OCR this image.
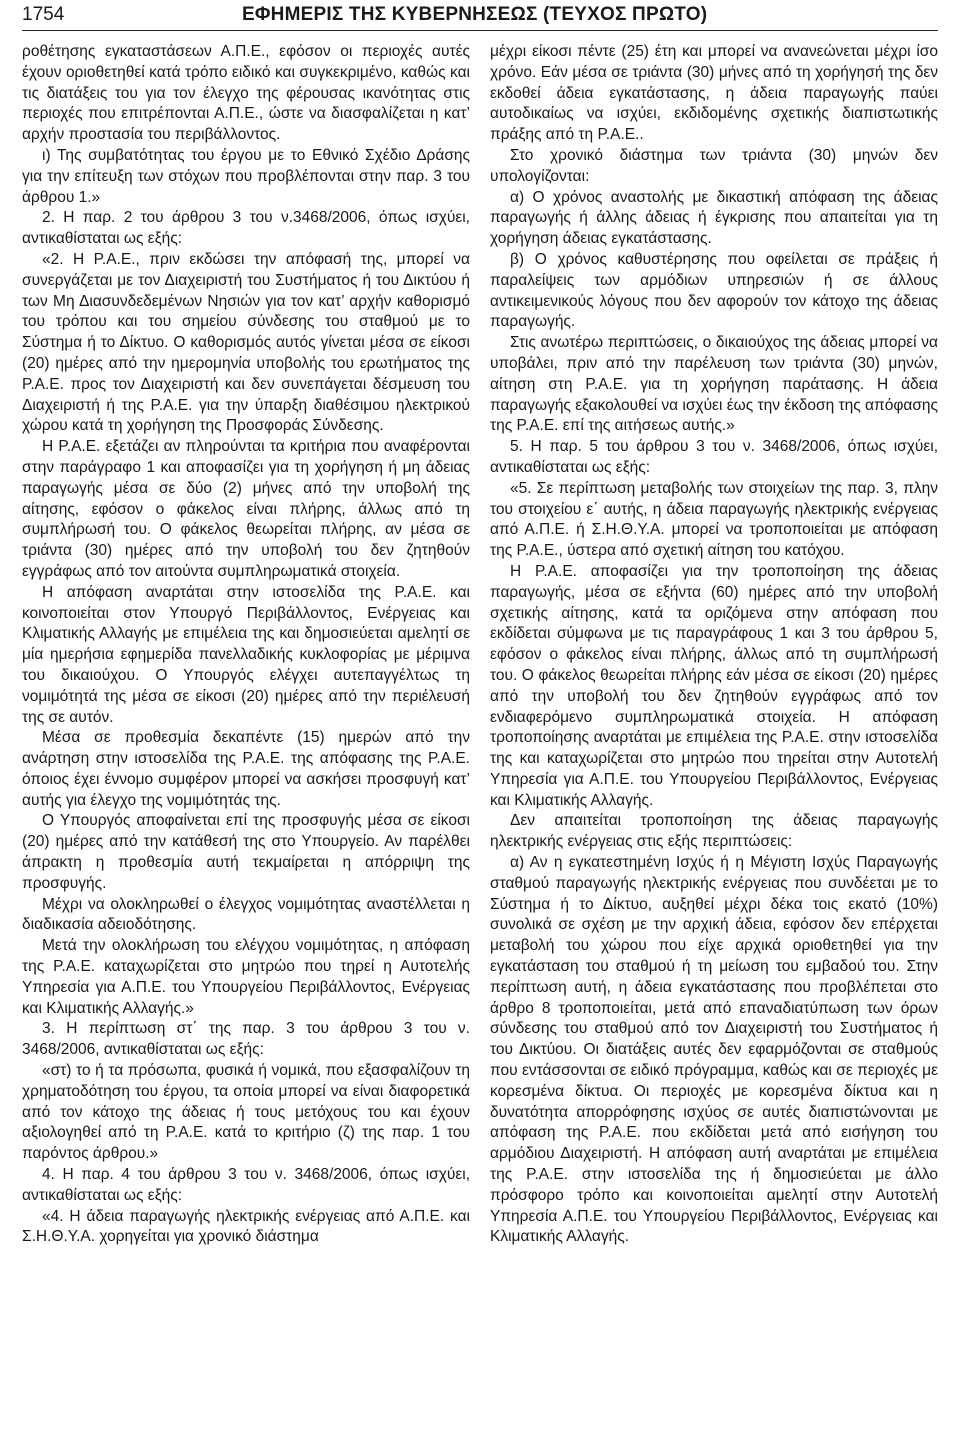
1754	ΕΦΗΜΕΡΙΣ ΤΗΣ ΚΥΒΕΡΝΗΣΕΩΣ (ΤΕΥΧΟΣ ΠΡΩΤΟ)

ροθέτησης εγκαταστάσεων Α.Π.Ε., εφόσον οι περιοχές αυτές έχουν οριοθετηθεί κατά τρόπο ειδικό και συγκεκριμένο, καθώς και τις διατάξεις του για τον έλεγχο της φέρουσας ικανότητας στις περιοχές που επιτρέπονται Α.Π.Ε., ώστε να διασφαλίζεται η κατ’ αρχήν προστασία του περιβάλλοντος.

ι) Της συμβατότητας του έργου με το Εθνικό Σχέδιο Δράσης για την επίτευξη των στόχων που προβλέπονται στην παρ. 3 του άρθρου 1.»

2. Η παρ. 2 του άρθρου 3 του ν.3468/2006, όπως ισχύει, αντικαθίσταται ως εξής:

«2. Η Ρ.Α.Ε., πριν εκδώσει την απόφασή της, μπορεί να συνεργάζεται με τον Διαχειριστή του Συστήματος ή του Δικτύου ή των Μη Διασυνδεδεμένων Νησιών για τον κατ’ αρχήν καθορισμό του τρόπου και του σημείου σύνδεσης του σταθμού με το Σύστημα ή το Δίκτυο. Ο καθορισμός αυτός γίνεται μέσα σε είκοσι (20) ημέρες από την ημερομηνία υποβολής του ερωτήματος της Ρ.Α.Ε. προς τον Διαχειριστή και δεν συνεπάγεται δέσμευση του Διαχειριστή ή της Ρ.Α.Ε. για την ύπαρξη διαθέσιμου ηλεκτρικού χώρου κατά τη χορήγηση της Προσφοράς Σύνδεσης.

Η Ρ.Α.Ε. εξετάζει αν πληρούνται τα κριτήρια που αναφέρονται στην παράγραφο 1 και αποφασίζει για τη χορήγηση ή μη άδειας παραγωγής μέσα σε δύο (2) μήνες από την υποβολή της αίτησης, εφόσον ο φάκελος είναι πλήρης, άλλως από τη συμπλήρωσή του. Ο φάκελος θεωρείται πλήρης, αν μέσα σε τριάντα (30) ημέρες από την υποβολή του δεν ζητηθούν εγγράφως από τον αιτούντα συμπληρωματικά στοιχεία.

Η απόφαση αναρτάται στην ιστοσελίδα της Ρ.Α.Ε. και κοινοποιείται στον Υπουργό Περιβάλλοντος, Ενέργειας και Κλιματικής Αλλαγής με επιμέλεια της και δημοσιεύεται αμελητί σε μία ημερήσια εφημερίδα πανελλαδικής κυκλοφορίας με μέριμνα του δικαιούχου. Ο Υπουργός ελέγχει αυτεπαγγέλτως τη νομιμότητά της μέσα σε είκοσι (20) ημέρες από την περιέλευσή της σε αυτόν.

Μέσα σε προθεσμία δεκαπέντε (15) ημερών από την ανάρτηση στην ιστοσελίδα της Ρ.Α.Ε. της απόφασης της Ρ.Α.Ε. όποιος έχει έννομο συμφέρον μπορεί να ασκήσει προσφυγή κατ’ αυτής για έλεγχο της νομιμότητάς της.

Ο Υπουργός αποφαίνεται επί της προσφυγής μέσα σε είκοσι (20) ημέρες από την κατάθεσή της στο Υπουργείο. Αν παρέλθει άπρακτη η προθεσμία αυτή τεκμαίρεται η απόρριψη της προσφυγής.

Μέχρι να ολοκληρωθεί ο έλεγχος νομιμότητας αναστέλλεται η διαδικασία αδειοδότησης.

Μετά την ολοκλήρωση του ελέγχου νομιμότητας, η απόφαση της Ρ.Α.Ε. καταχωρίζεται στο μητρώο που τηρεί η Αυτοτελής Υπηρεσία για Α.Π.Ε. του Υπουργείου Περιβάλλοντος, Ενέργειας και Κλιματικής Αλλαγής.»

3. Η περίπτωση στ΄ της παρ. 3 του άρθρου 3 του ν. 3468/2006, αντικαθίσταται ως εξής:

«στ) το ή τα πρόσωπα, φυσικά ή νομικά, που εξασφαλίζουν τη χρηματοδότηση του έργου, τα οποία μπορεί να είναι διαφορετικά από τον κάτοχο της άδειας ή τους μετόχους του και έχουν αξιολογηθεί από τη Ρ.Α.Ε. κατά το κριτήριο (ζ) της παρ. 1 του παρόντος άρθρου.»

4. Η παρ. 4 του άρθρου 3 του ν. 3468/2006, όπως ισχύει, αντικαθίσταται ως εξής:

«4. Η άδεια παραγωγής ηλεκτρικής ενέργειας από Α.Π.Ε. και Σ.Η.Θ.Υ.Α. χορηγείται για χρονικό διάστημα

μέχρι είκοσι πέντε (25) έτη και μπορεί να ανανεώνεται μέχρι ίσο χρόνο. Εάν μέσα σε τριάντα (30) μήνες από τη χορήγησή της δεν εκδοθεί άδεια εγκατάστασης, η άδεια παραγωγής παύει αυτοδικαίως να ισχύει, εκδιδομένης σχετικής διαπιστωτικής πράξης από τη Ρ.Α.Ε..

Στο χρονικό διάστημα των τριάντα (30) μηνών δεν υπολογίζονται:

α) Ο χρόνος αναστολής με δικαστική απόφαση της άδειας παραγωγής ή άλλης άδειας ή έγκρισης που απαιτείται για τη χορήγηση άδειας εγκατάστασης.

β) Ο χρόνος καθυστέρησης που οφείλεται σε πράξεις ή παραλείψεις των αρμόδιων υπηρεσιών ή σε άλλους αντικειμενικούς λόγους που δεν αφορούν τον κάτοχο της άδειας παραγωγής.

Στις ανωτέρω περιπτώσεις, ο δικαιούχος της άδειας μπορεί να υποβάλει, πριν από την παρέλευση των τριάντα (30) μηνών, αίτηση στη Ρ.Α.Ε. για τη χορήγηση παράτασης. Η άδεια παραγωγής εξακολουθεί να ισχύει έως την έκδοση της απόφασης της Ρ.Α.Ε. επί της αιτήσεως αυτής.»

5. Η παρ. 5 του άρθρου 3 του ν. 3468/2006, όπως ισχύει, αντικαθίσταται ως εξής:

«5. Σε περίπτωση μεταβολής των στοιχείων της παρ. 3, πλην του στοιχείου ε΄ αυτής, η άδεια παραγωγής ηλεκτρικής ενέργειας από Α.Π.Ε. ή Σ.Η.Θ.Υ.Α. μπορεί να τροποποιείται με απόφαση της Ρ.Α.Ε., ύστερα από σχετική αίτηση του κατόχου.

Η Ρ.Α.Ε. αποφασίζει για την τροποποίηση της άδειας παραγωγής, μέσα σε εξήντα (60) ημέρες από την υποβολή σχετικής αίτησης, κατά τα οριζόμενα στην απόφαση που εκδίδεται σύμφωνα με τις παραγράφους 1 και 3 του άρθρου 5, εφόσον ο φάκελος είναι πλήρης, άλλως από τη συμπλήρωσή του. Ο φάκελος θεωρείται πλήρης εάν μέσα σε είκοσι (20) ημέρες από την υποβολή του δεν ζητηθούν εγγράφως από τον ενδιαφερόμενο συμπληρωματικά στοιχεία. Η απόφαση τροποποίησης αναρτάται με επιμέλεια της Ρ.Α.Ε. στην ιστοσελίδα της και καταχωρίζεται στο μητρώο που τηρείται στην Αυτοτελή Υπηρεσία για Α.Π.Ε. του Υπουργείου Περιβάλλοντος, Ενέργειας και Κλιματικής Αλλαγής.

Δεν απαιτείται τροποποίηση της άδειας παραγωγής ηλεκτρικής ενέργειας στις εξής περιπτώσεις:

α) Αν η εγκατεστημένη Ισχύς ή η Μέγιστη Ισχύς Παραγωγής σταθμού παραγωγής ηλεκτρικής ενέργειας που συνδέεται με το Σύστημα ή το Δίκτυο, αυξηθεί μέχρι δέκα τοις εκατό (10%) συνολικά σε σχέση με την αρχική άδεια, εφόσον δεν επέρχεται μεταβολή του χώρου που είχε αρχικά οριοθετηθεί για την εγκατάσταση του σταθμού ή τη μείωση του εμβαδού του. Στην περίπτωση αυτή, η άδεια εγκατάστασης που προβλέπεται στο άρθρο 8 τροποποιείται, μετά από επαναδιατύπωση των όρων σύνδεσης του σταθμού από τον Διαχειριστή του Συστήματος ή του Δικτύου. Οι διατάξεις αυτές δεν εφαρμόζονται σε σταθμούς που εντάσσονται σε ειδικό πρόγραμμα, καθώς και σε περιοχές με κορεσμένα δίκτυα. Οι περιοχές με κορεσμένα δίκτυα και η δυνατότητα απορρόφησης ισχύος σε αυτές διαπιστώνονται με απόφαση της Ρ.Α.Ε. που εκδίδεται μετά από εισήγηση του αρμόδιου Διαχειριστή. Η απόφαση αυτή αναρτάται με επιμέλεια της Ρ.Α.Ε. στην ιστοσελίδα της ή δημοσιεύεται με άλλο πρόσφορο τρόπο και κοινοποιείται αμελητί στην Αυτοτελή Υπηρεσία Α.Π.Ε. του Υπουργείου Περιβάλλοντος, Ενέργειας και Κλιματικής Αλλαγής.
